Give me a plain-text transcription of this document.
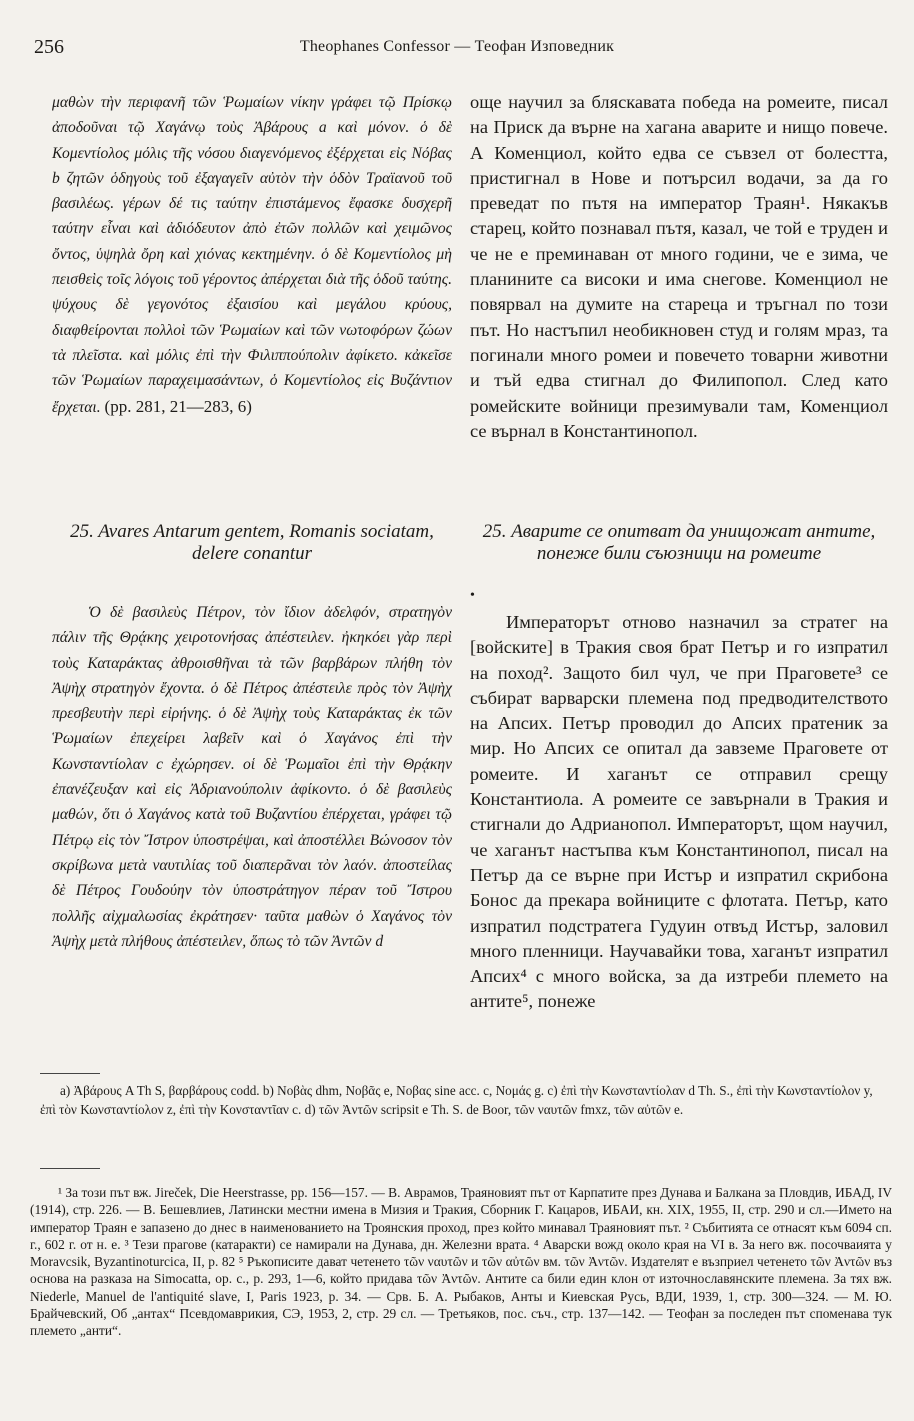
256	Theophanes Confessor — Теофан Изповедник

μαθὼν τὴν περιφανῆ τῶν Ῥωμαίων νίκην γράφει τῷ Πρίσκῳ ἀποδοῦναι τῷ Χαγάνῳ τοὺς Ἀβάρους a καὶ μόνον. ὁ δὲ Κομεντίολος μόλις τῆς νόσου διαγενόμενος ἐξέρχεται εἰς Νόβας b ζητῶν ὁδηγοὺς τοῦ ἐξαγαγεῖν αὐτὸν τὴν ὁδὸν Τραϊανοῦ τοῦ βασιλέως. γέρων δέ τις ταύτην ἐπιστάμενος ἔφασκε δυσχερῆ ταύτην εἶναι καὶ ἀδιόδευτον ἀπὸ ἐτῶν πολλῶν καὶ χειμῶνος ὄντος, ὑψηλὰ ὄρη καὶ χιόνας κεκτημένην. ὁ δὲ Κομεντίολος μὴ πεισθεὶς τοῖς λόγοις τοῦ γέροντος ἀπέρχεται διὰ τῆς ὁδοῦ ταύτης. ψύχους δὲ γεγονότος ἐξαισίου καὶ μεγάλου κρύους, διαφθείρονται πολλοὶ τῶν Ῥωμαίων καὶ τῶν νωτοφόρων ζώων τὰ πλεῖστα. καὶ μόλις ἐπὶ τὴν Φιλιππούπολιν ἀφίκετο. κἀκεῖσε τῶν Ῥωμαίων παραχειμασάντων, ὁ Κομεντίολος εἰς Βυζάντιον ἔρχεται. (pp. 281, 21—283, 6)

още научил за бляскавата победа на ромеите, писал на Приск да върне на хагана аварите и нищо повече. А Коменциол, който едва се съвзел от болестта, пристигнал в Нове и потърсил водачи, за да го преведат по пътя на император Траян¹. Някакъв старец, който познавал пътя, казал, че той е труден и че не е преминаван от много години, че е зима, че планините са високи и има снегове. Коменциол не повярвал на думите на стареца и тръгнал по този път. Но настъпил необикновен студ и голям мраз, та погинали много ромеи и повечето товарни животни и тъй едва стигнал до Филипопол. След като ромейските войници презимували там, Коменциол се върнал в Константинопол.

25. Avares Antarum gentem, Romanis sociatam, delere conantur

25. Аварите се опитват да унищожат антите, понеже били съюзници на ромеите

•

Ὁ δὲ βασιλεὺς Πέτρον, τὸν ἴδιον ἀδελφόν, στρατηγὸν πάλιν τῆς Θρᾴκης χειροτονήσας ἀπέστειλεν. ἠκηκόει γὰρ περὶ τοὺς Καταράκτας ἀθροισθῆναι τὰ τῶν βαρβάρων πλήθη τὸν Ἀψὴχ στρατηγὸν ἔχοντα. ὁ δὲ Πέτρος ἀπέστειλε πρὸς τὸν Ἀψὴχ πρεσβευτὴν περὶ εἰρήνης. ὁ δὲ Ἀψὴχ τοὺς Καταράκτας ἐκ τῶν Ῥωμαίων ἐπεχείρει λαβεῖν καὶ ὁ Χαγάνος ἐπὶ τὴν Κωνσταντίολαν c ἐχώρησεν. οἱ δὲ Ῥωμαῖοι ἐπὶ τὴν Θρᾴκην ἐπανέζευξαν καὶ εἰς Ἀδριανούπολιν ἀφίκοντο. ὁ δὲ βασιλεὺς μαθών, ὅτι ὁ Χαγάνος κατὰ τοῦ Βυζαντίου ἐπέρχεται, γράφει τῷ Πέτρῳ εἰς τὸν Ἴστρον ὑποστρέψαι, καὶ ἀποστέλλει Βώνοσον τὸν σκρίβωνα μετὰ ναυτιλίας τοῦ διαπερᾶναι τὸν λαόν. ἀποστείλας δὲ Πέτρος Γουδούην τὸν ὑποστράτηγον πέραν τοῦ Ἴστρου πολλῆς αἰχμαλωσίας ἐκράτησεν· ταῦτα μαθὼν ὁ Χαγάνος τὸν Ἀψὴχ μετὰ πλήθους ἀπέστειλεν, ὅπως τὸ τῶν Ἀντῶν d

Императорът отново назначил за стратег на [войските] в Тракия своя брат Петър и го изпратил на поход². Защото бил чул, че при Праговете³ се събират варварски племена под предводителството на Апсих. Петър проводил до Апсих пратеник за мир. Но Апсих се опитал да завземе Праговете от ромеите. И хаганът се отправил срещу Константиола. А ромеите се завърнали в Тракия и стигнали до Адрианопол. Императорът, щом научил, че хаганът настъпва към Константинопол, писал на Петър да се върне при Истър и изпратил скрибона Бонос да прекара войниците с флотата. Петър, като изпратил подстратега Гудуин отвъд Истър, заловил много пленници. Научавайки това, хаганът изпратил Апсих⁴ с много войска, за да изтреби племето на антите⁵, понеже

a) Ἀβάρους A Th S, βαρβάρους codd. b) Νοβὰς dhm, Νοβᾶς e, Νοβας sine acc. c, Νομάς g. c) ἐπὶ τὴν Κωνσταντίολαν d Th. S., ἐπὶ τὴν Κωνσταντίολον y, ἐπὶ τὸν Κωνσταντίολον z, ἐπὶ τὴν Κονσταντῖαν c. d) τῶν Ἀντῶν scripsit e Th. S. de Boor, τῶν ναυτῶν fmxz, τῶν αὐτῶν e.

¹ За този път вж. Jireček, Die Heerstrasse, pp. 156—157. — В. Аврамов, Траяновият път от Карпатите през Дунава и Балкана за Пловдив, ИБАД, IV (1914), стр. 226. — В. Бешевлиев, Латински местни имена в Мизия и Тракия, Сборник Г. Кацаров, ИБАИ, кн. XIX, 1955, II, стр. 290 и сл.—Името на император Траян е запазено до днес в наименованието на Троянския проход, през който минавал Траяновият път. ² Събитията се отнасят към 6094 сп. г., 602 г. от н. е. ³ Тези прагове (катаракти) се намирали на Дунава, дн. Железни врата. ⁴ Аварски вожд около края на VI в. За него вж. посочваията у Moravcsik, Byzantinoturcica, II, p. 82 ⁵ Ръкописите дават четенето τῶν ναυτῶν и τῶν αὐτῶν вм. τῶν Ἀντῶν. Издателят е възприел четенето τῶν Ἀντῶν въз основа на разказа на Simocatta, op. c., p. 293, 1—6, който придава τῶν Ἀντῶν. Антите са били един клон от източнославянските племена. За тях вж. Niederle, Manuel de l'antiquité slave, I, Paris 1923, p. 34. — Срв. Б. А. Рыбаков, Анты и Киевская Русь, ВДИ, 1939, 1, стр. 300—324. — М. Ю. Брайчевский, Об „антах“ Псевдомаврикия, СЭ, 1953, 2, стр. 29 сл. — Третьяков, пос. съч., стр. 137—142. — Теофан за последен път споменава тук племето „анти“.
